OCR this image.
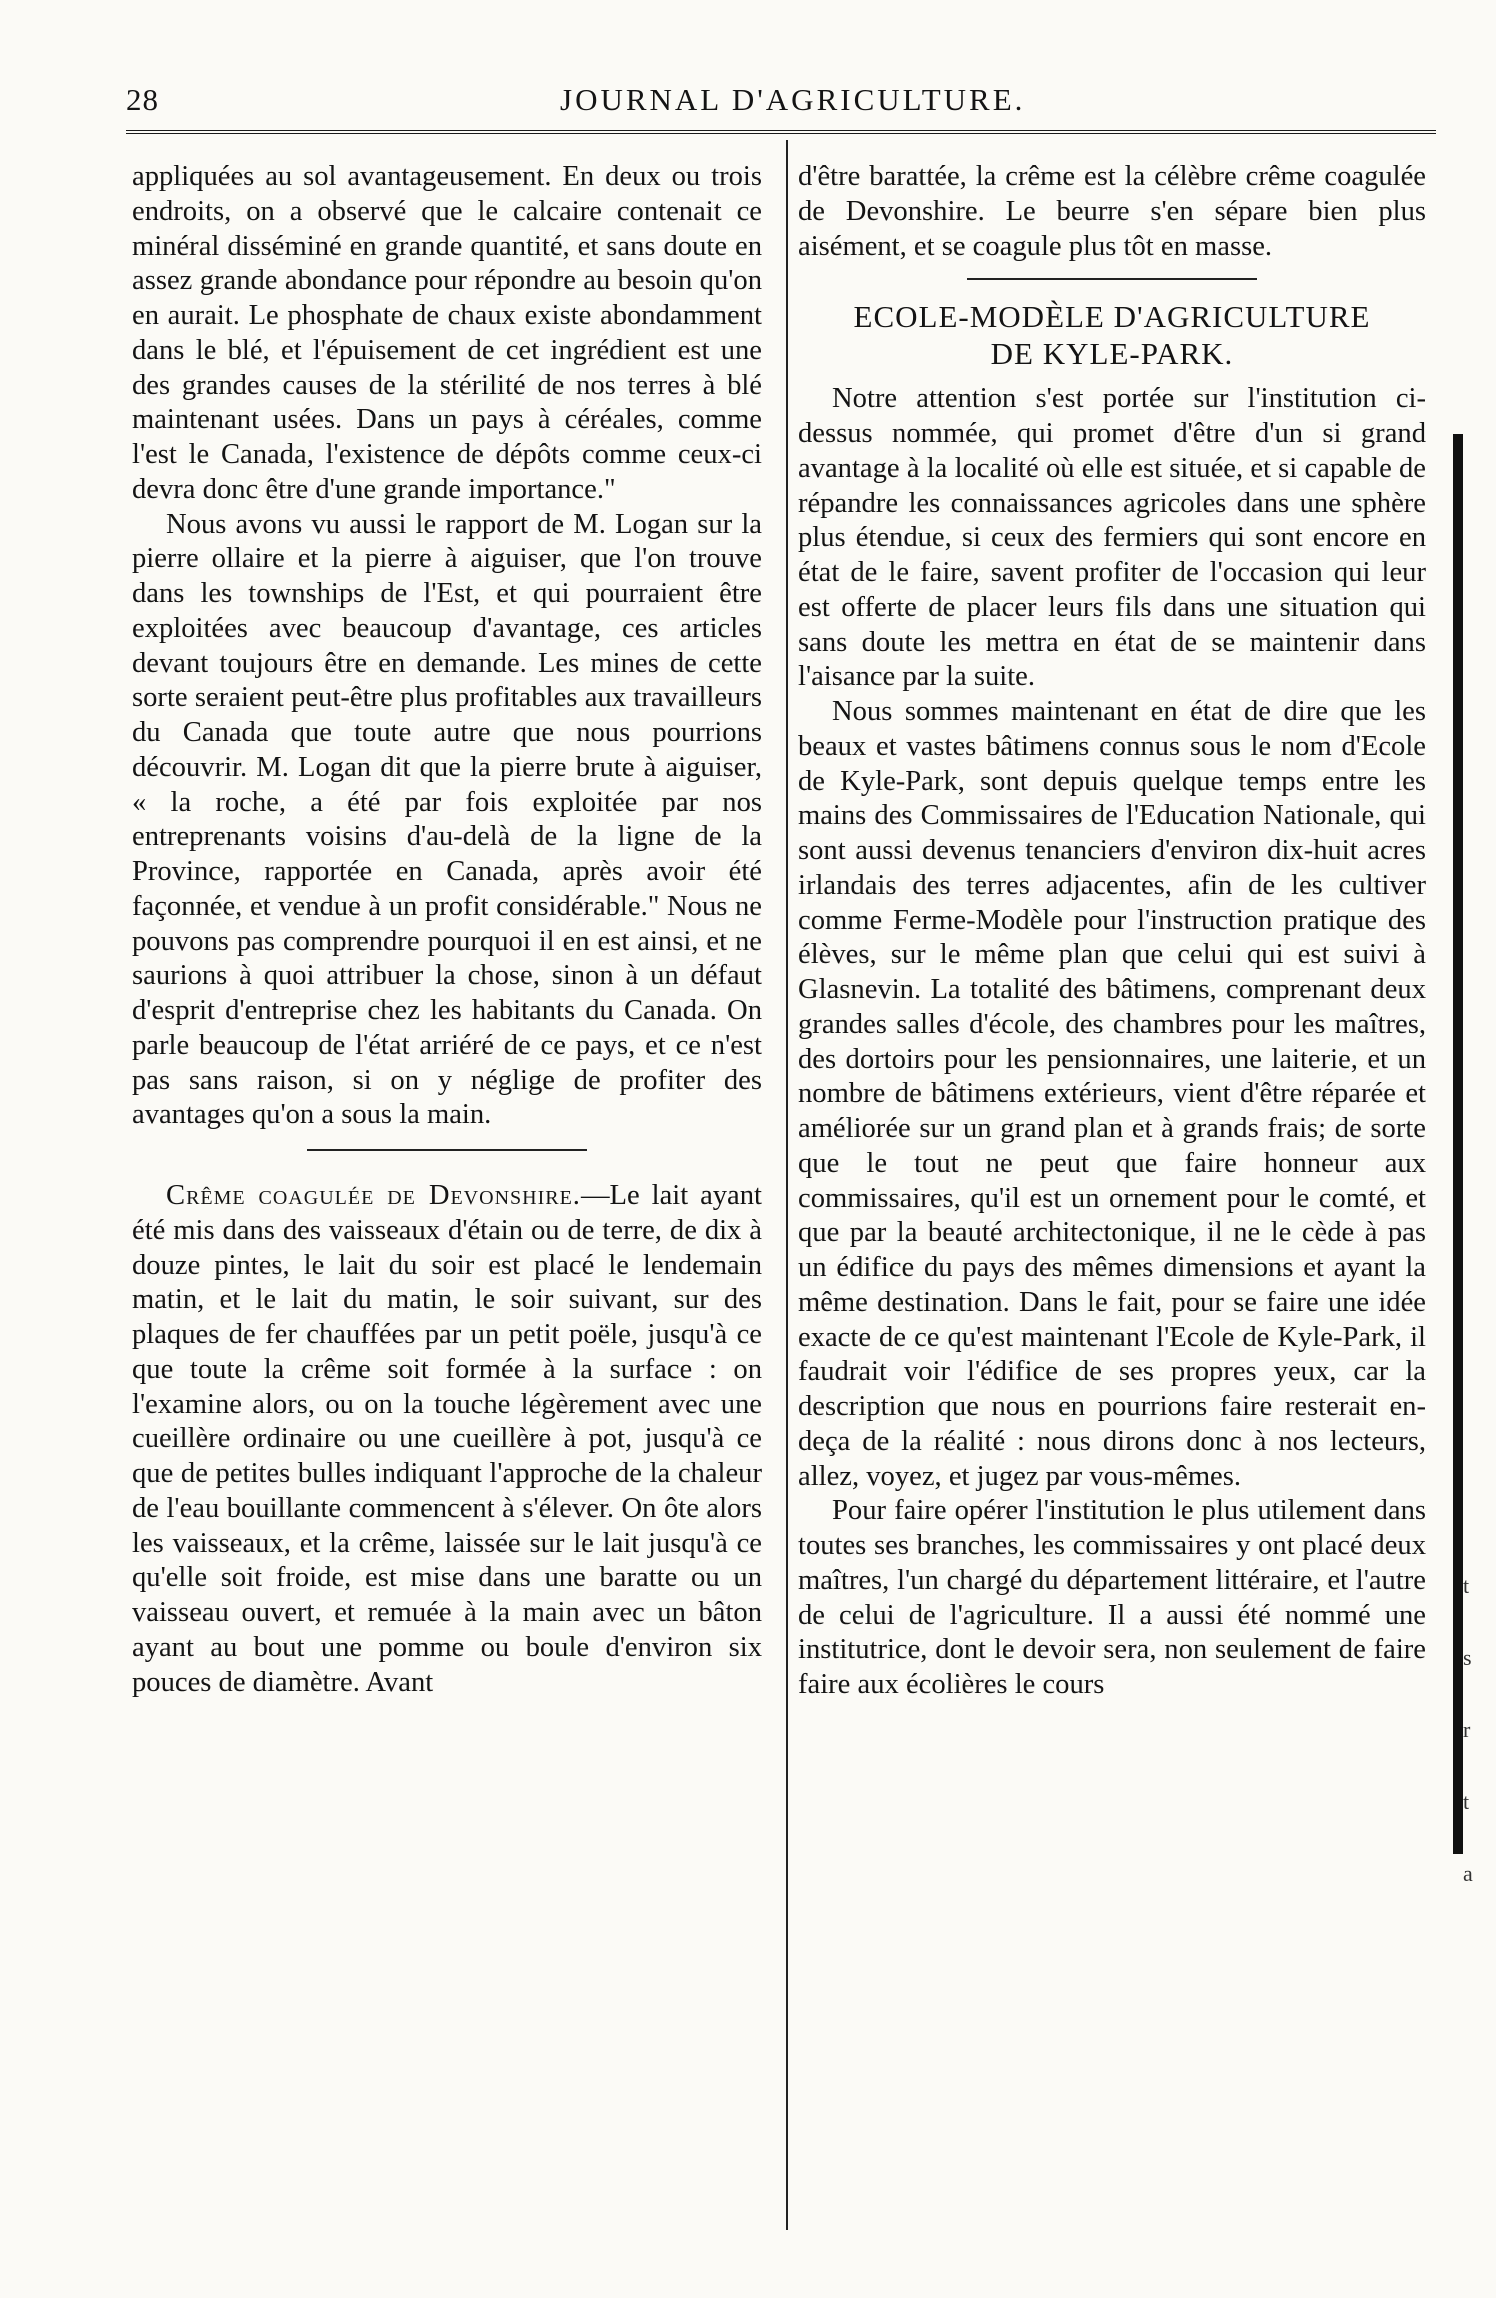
28	JOURNAL D'AGRICULTURE.

appliquées au sol avantageusement. En deux ou trois endroits, on a observé que le calcaire contenait ce minéral disséminé en grande quantité, et sans doute en assez grande abondance pour répondre au besoin qu'on en aurait. Le phosphate de chaux existe abondamment dans le blé, et l'épuisement de cet ingrédient est une des grandes causes de la stérilité de nos terres à blé maintenant usées. Dans un pays à céréales, comme l'est le Canada, l'existence de dépôts comme ceux-ci devra donc être d'une grande importance."

Nous avons vu aussi le rapport de M. Logan sur la pierre ollaire et la pierre à aiguiser, que l'on trouve dans les townships de l'Est, et qui pourraient être exploitées avec beaucoup d'avantage, ces articles devant toujours être en demande. Les mines de cette sorte seraient peut-être plus profitables aux travailleurs du Canada que toute autre que nous pourrions découvrir. M. Logan dit que la pierre brute à aiguiser, « la roche, a été par fois exploitée par nos entreprenants voisins d'au-delà de la ligne de la Province, rapportée en Canada, après avoir été façonnée, et vendue à un profit considérable." Nous ne pouvons pas comprendre pourquoi il en est ainsi, et ne saurions à quoi attribuer la chose, sinon à un défaut d'esprit d'entreprise chez les habitants du Canada. On parle beaucoup de l'état arriéré de ce pays, et ce n'est pas sans raison, si on y néglige de profiter des avantages qu'on a sous la main.

Crême coagulée de Devonshire.—Le lait ayant été mis dans des vaisseaux d'étain ou de terre, de dix à douze pintes, le lait du soir est placé le lendemain matin, et le lait du matin, le soir suivant, sur des plaques de fer chauffées par un petit poële, jusqu'à ce que toute la crême soit formée à la surface : on l'examine alors, ou on la touche légèrement avec une cueillère ordinaire ou une cueillère à pot, jusqu'à ce que de petites bulles indiquant l'approche de la chaleur de l'eau bouillante commencent à s'élever. On ôte alors les vaisseaux, et la crême, laissée sur le lait jusqu'à ce qu'elle soit froide, est mise dans une baratte ou un vaisseau ouvert, et remuée à la main avec un bâton ayant au bout une pomme ou boule d'environ six pouces de diamètre. Avant

d'être barattée, la crême est la célèbre crême coagulée de Devonshire. Le beurre s'en sépare bien plus aisément, et se coagule plus tôt en masse.

ECOLE-MODÈLE D'AGRICULTURE
DE KYLE-PARK.

Notre attention s'est portée sur l'institution ci-dessus nommée, qui promet d'être d'un si grand avantage à la localité où elle est située, et si capable de répandre les connaissances agricoles dans une sphère plus étendue, si ceux des fermiers qui sont encore en état de le faire, savent profiter de l'occasion qui leur est offerte de placer leurs fils dans une situation qui sans doute les mettra en état de se maintenir dans l'aisance par la suite.

Nous sommes maintenant en état de dire que les beaux et vastes bâtimens connus sous le nom d'Ecole de Kyle-Park, sont depuis quelque temps entre les mains des Commissaires de l'Education Nationale, qui sont aussi devenus tenanciers d'environ dix-huit acres irlandais des terres adjacentes, afin de les cultiver comme Ferme-Modèle pour l'instruction pratique des élèves, sur le même plan que celui qui est suivi à Glasnevin. La totalité des bâtimens, comprenant deux grandes salles d'école, des chambres pour les maîtres, des dortoirs pour les pensionnaires, une laiterie, et un nombre de bâtimens extérieurs, vient d'être réparée et améliorée sur un grand plan et à grands frais; de sorte que le tout ne peut que faire honneur aux commissaires, qu'il est un ornement pour le comté, et que par la beauté architectonique, il ne le cède à pas un édifice du pays des mêmes dimensions et ayant la même destination. Dans le fait, pour se faire une idée exacte de ce qu'est maintenant l'Ecole de Kyle-Park, il faudrait voir l'édifice de ses propres yeux, car la description que nous en pourrions faire resterait en-deça de la réalité : nous dirons donc à nos lecteurs, allez, voyez, et jugez par vous-mêmes.

Pour faire opérer l'institution le plus utilement dans toutes ses branches, les commissaires y ont placé deux maîtres, l'un chargé du département littéraire, et l'autre de celui de l'agriculture. Il a aussi été nommé une institutrice, dont le devoir sera, non seulement de faire faire aux écolières le cours

t
s
r
t
a
